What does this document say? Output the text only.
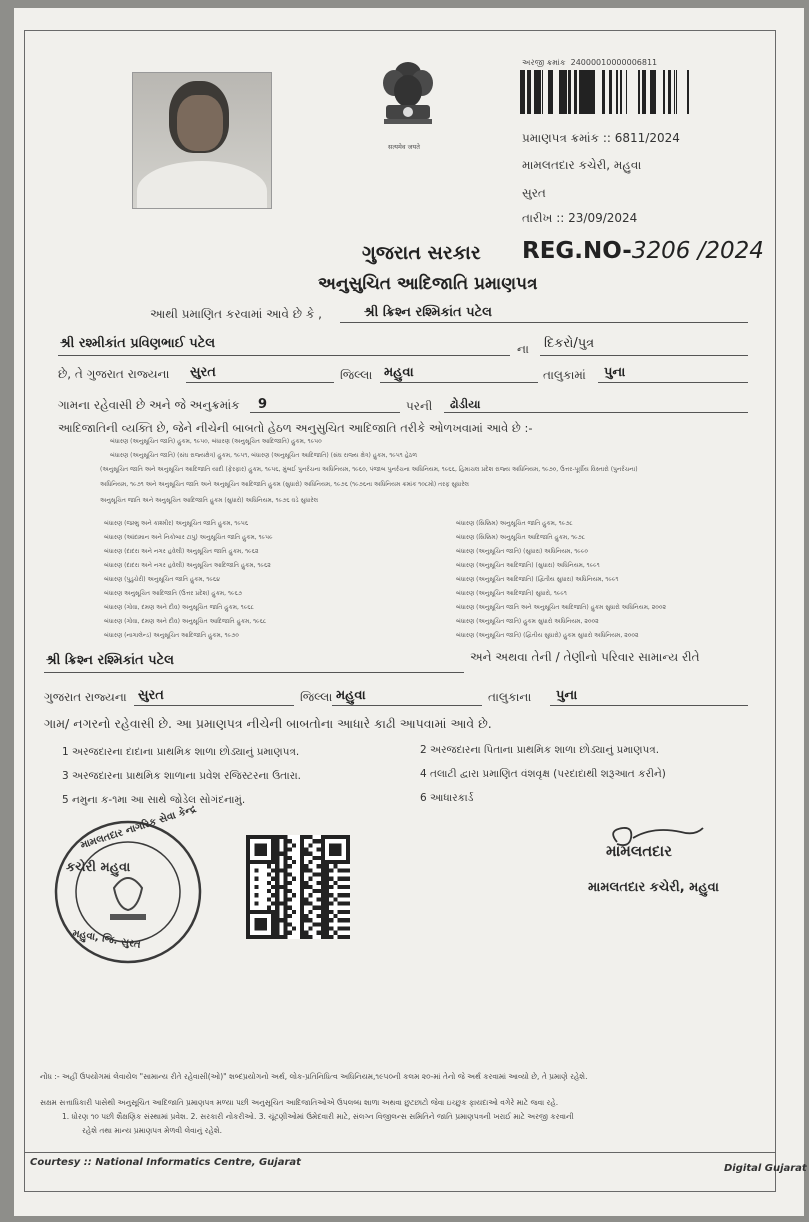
सत्यमेव जयते
અરજી ક્રમાંક 24000010000006811
પ્રમાણપત્ર ક્રમાંક :: 6811/2024
મામલતદાર કચેરી, મહુવા
સુરત
તારીખ :: 23/09/2024
ગુજરાત સરકાર REG.NO-3206 /2024
અનુસુચિત આદિજાતિ પ્રમાણપત્ર
આથી પ્રમાણિત કરવામાં આવે છે કે ,	શ્રી ક્રિશ્ન રશ્મિકાંત પટેલ
શ્રી રશ્મીકાંત પ્રવિણભાઈ પટેલ	ના દિકરો/પુત્ર
છે, તે ગુજરાત રાજ્યના સુરત	જિલ્લા મહુવા	તાલુકામાં પુના
ગામના રહેવાસી છે અને જે અનુક્રમાંક 9	પરની ઢોડીયા
આદિજાતિની વ્યક્તિ છે, જેને નીચેની બાબતો હેઠળ અનુસુચિત આદિજાતિ તરીકે ઓળખવામાં આવે છે :-
બંધારણ (અનુસૂચિત જાતિ) હુકમ, ૧૯૫૦, બંધારણ (અનુસૂચિત આદિજાતિ) હુકમ, ૧૯૫૦
બંધારણ (અનુસૂચિત જાતિ) (સંઘ રાજ્યક્ષેત્ર) હુકમ, ૧૯૫૧, બંધારણ (અનુસૂચિત આદિજાતિ) (સંઘ રાજ્ય ક્ષેત્ર) હુકમ, ૧૯૫૧ હેઠળ
(અનુસૂચિત જાતિ અને અનુસૂચિત આદિજાતિ યાદી (ફેરફાર) હુકમ, ૧૯૫૬, મુંબઈ પુનર્રચના અધિનિયમ, ૧૯૬૦, પંજાબ પુનર્રચના અધિનિયમ, ૧૯૬૬, હિમાચલ પ્રદેશ રાજ્ય અધિનિયમ, ૧૯૭૦, ઉત્તર-પૂર્વીય વિસ્તારો (પુનર્રચના)
અધિનિયમ, ૧૯૭૧ અને અનુસૂચિત જાતિ અને અનુસૂચિત આદિજાતિ હુકમ (સુધારો) અધિનિયમ, ૧૯૭૬ (૧૯૭૬ના અધિનિયમ ક્રમાંક ૧૦૮મો) તરફ સુધારેલ
અનુસૂચિત જાતિ અને અનુસૂચિત આદિજાતિ હુકમ (સુધારો) અધિનિયમ, ૧૯૭૬ વડે સુધારેલ
બંધારણ (જમ્મુ અને કાશ્મીર) અનુસૂચિત જાતિ હુકમ, ૧૯૫૬
બંધારણ (આંદામાન અને નિકોબાર ટાપુ) અનુસૂચિત જાતિ હુકમ, ૧૯૫૯
બંધારણ (દાદરા અને નગર હવેલી) અનુસૂચિત જાતિ હુકમ, ૧૯૬૨
બંધારણ (દાદરા અને નગર હવેલી) અનુસૂચિત આદિજાતિ હુકમ, ૧૯૬૨
બંધારણ (પુડુચેરી) અનુસૂચિત જાતિ હુકમ, ૧૯૬૪
બંધારણ અનુસૂચિત આદિજાતિ (ઉત્તર પ્રદેશ) હુકમ, ૧૯૬૭
બંધારણ (ગોવા, દમણ અને દીવ) અનુસૂચિત જાતિ હુકમ, ૧૯૬૮
બંધારણ (ગોવા, દમણ અને દીવ) અનુસૂચિત આદિજાતિ હુકમ, ૧૯૬૮
બંધારણ (નાગાલેન્ડ) અનુસૂચિત આદિજાતિ હુકમ, ૧૯૭૦
બંધારણ (સિક્કિમ) અનુસૂચિત જાતિ હુકમ, ૧૯૭૮
બંધારણ (સિક્કિમ) અનુસૂચિત આદિજાતિ હુકમ, ૧૯૭૮
બંધારણ (અનુસૂચિત જાતિ) (સુધારા) અધિનિયમ, ૧૯૯૦
બંધારણ (અનુસૂચિત આદિજાતિ) (સુધારા) અધિનિયમ, ૧૯૯૧
બંધારણ (અનુસૂચિત આદિજાતિ) (દ્વિતીય સુધારા) અધિનિયમ, ૧૯૯૧
બંધારણ (અનુસૂચિત આદિજાતિ) સુધારો, ૧૯૯૧
બંધારણ (અનુસૂચિત જાતિ અને અનુસૂચિત આદિજાતિ) હુકમ સુધારો અધિનિયમ, ૨૦૦૨
બંધારણ (અનુસૂચિત જાતિ) હુકમ સુધારો અધિનિયમ, ૨૦૦૨
બંધારણ (અનુસૂચિત જાતિ) (દ્વિતીય સુધારો) હુકમ સુધારો અધિનિયમ, ૨૦૦૨
શ્રી ક્રિશ્ન રશ્મિકાંત પટેલ	અને અથવા તેની / તેણીનો પરિવાર સામાન્ય રીતે
ગુજરાત રાજ્યના સુરત	જિલ્લા મહુવા	તાલુકાના પુના
ગામ/ નગરનો રહેવાસી છે. આ પ્રમાણપત્ર નીચેની બાબતોના આધારે કાઢી આપવામાં આવે છે.
1 અરજદારના દાદાના પ્રાથમિક શાળા છોડ્યાનું પ્રમાણપત્ર.	2 અરજદારના પિતાના પ્રાથમિક શાળા છોડ્યાનું પ્રમાણપત્ર.
3 અરજદારના પ્રાથમિક શાળાના પ્રવેશ રજિસ્ટરના ઉતારા.	4 તલાટી દ્વારા પ્રમાણિત વંશવૃક્ષ (પરદાદાથી શરૂઆત કરીને)
5 નમુના ક-૧મા આ સાથે જોડેલ સોગંદનામું.	6 આધારકાર્ડ
કચેરી મહુવા
મામલતદાર નાગરિક સેવા કેન્દ્ર
મહુવા, જિ. સુરત
મામલતદાર
મામલતદાર કચેરી, મહુવા
નોંધ :- અહીં ઉપયોગમાં લેવાયેલ "સામાન્ય રીતે રહેવાસી(ઓ)" શબ્દપ્રયોગનો અર્થ, લોક-પ્રતિનિધિત્વ અધિનિયમ,૧૯૫૦ની કલમ ૨૦-માં તેનો જે અર્થ કરવામાં આવ્યો છે, તે પ્રમાણે રહેશે.
સક્ષમ સત્તાધિકારી પાસેથી અનુસૂચિત આદિજાતિ પ્રમાણપત્ર મળ્યા પછી અનુસૂચિત આદિજાતિઓએ ઉપલબ્ધ શાળા અથવા છુટછાટો જેવા ઇચ્છુક ફાયદાઓ વગેરે માટે જવા રહે.
1. ધોરણ ૧૦ પછી શૈક્ષણિક સંસ્થામાં પ્રવેશ. 2. સરકારી નોકરીઓ. 3. ચૂંટણીઓમાં ઉમેદવારી માટે, સંલગ્ન વિજીલન્સ સમિતિને જાતિ પ્રમાણપત્રની ખરાઈ માટે અરજી કરવાની
રહેશે તથા માન્ય પ્રમાણપત્ર મેળવી લેવાનું રહેશે.
Courtesy :: National Informatics Centre, Gujarat
Digital Gujarat
